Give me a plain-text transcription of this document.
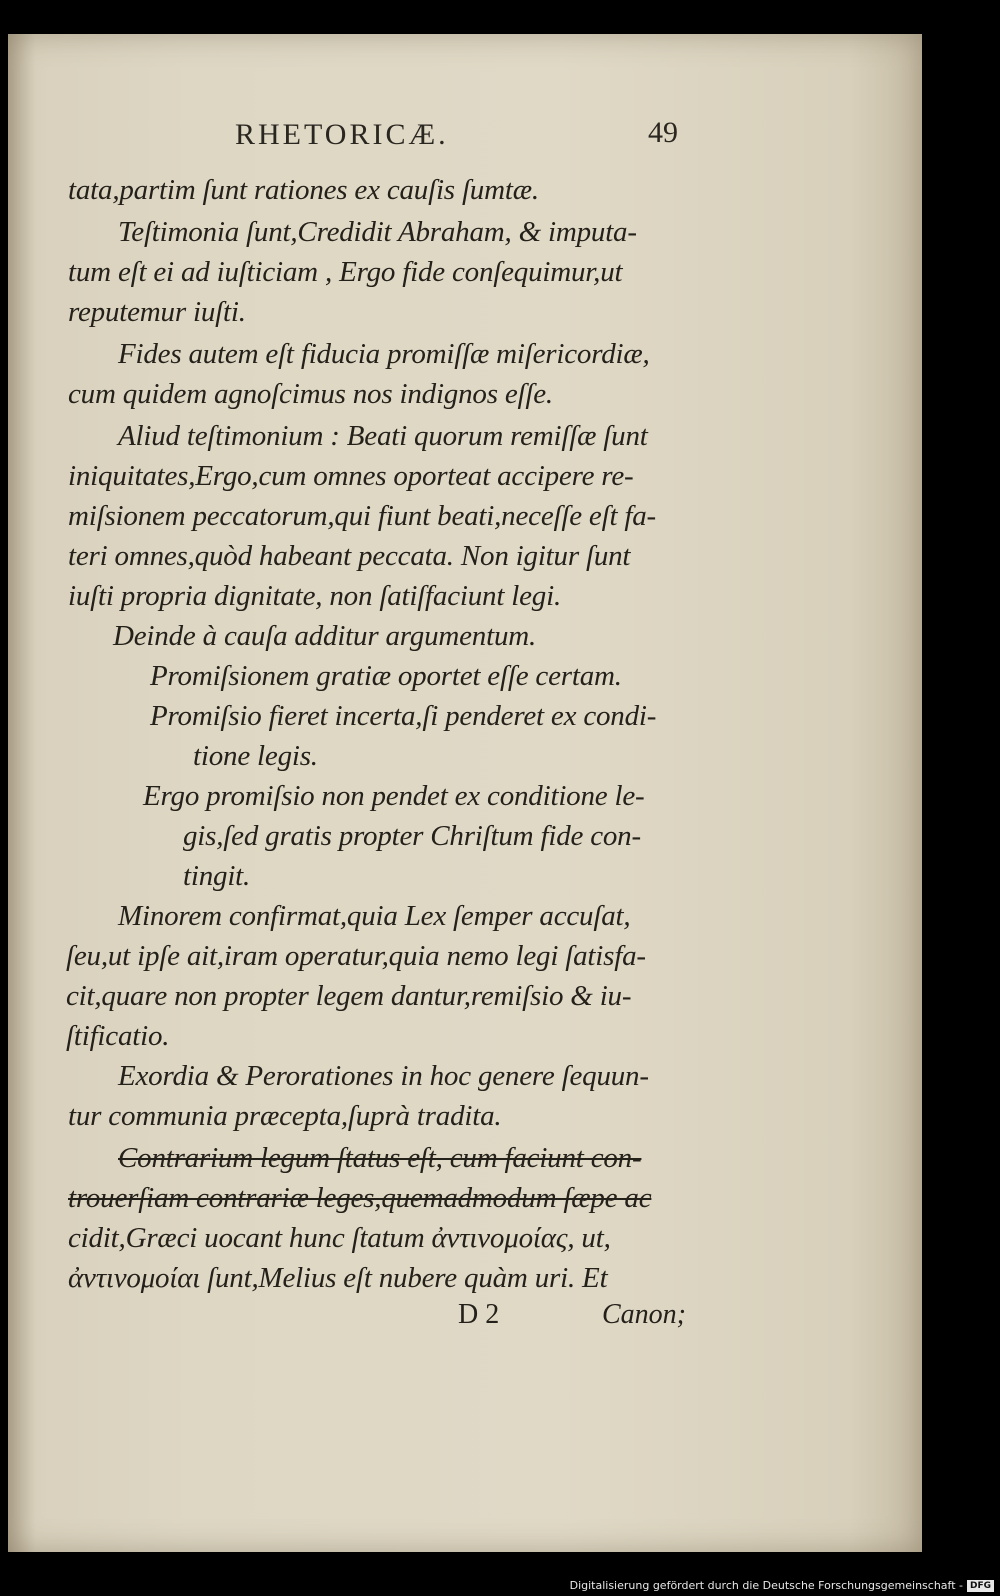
RHETORICÆ.	49
tata,partim ſunt rationes ex cauſis ſumtæ.
Teſtimonia ſunt,Credidit Abraham, & imputa-
tum eſt ei ad iuſticiam , Ergo fide conſequimur,ut
reputemur iuſti.
Fides autem eſt fiducia promiſſæ miſericordiæ,
cum quidem agnoſcimus nos indignos eſſe.
Aliud teſtimonium : Beati quorum remiſſæ ſunt
iniquitates,Ergo,cum omnes oporteat accipere re-
miſsionem peccatorum,qui fiunt beati,neceſſe eſt fa-
teri omnes,quòd habeant peccata. Non igitur ſunt
iuſti propria dignitate, non ſatiſfaciunt legi.
Deinde à cauſa additur argumentum.
Promiſsionem gratiæ oportet eſſe certam.
Promiſsio fieret incerta,ſi penderet ex condi-
tione legis.
Ergo promiſsio non pendet ex conditione le-
gis,ſed gratis propter Chriſtum fide con-
tingit.
Minorem confirmat,quia Lex ſemper accuſat,
ſeu,ut ipſe ait,iram operatur,quia nemo legi ſatisfa-
cit,quare non propter legem dantur,remiſsio & iu-
ſtificatio.
Exordia & Perorationes in hoc genere ſequun-
tur communia præcepta,ſuprà tradita.
Contrarium legum ſtatus eſt, cum faciunt con-
trouerſiam contrariæ leges,quemadmodum ſæpe ac
cidit,Græci uocant hunc ſtatum ἀντινομοίας, ut,
ἀντινομοίαι ſunt,Melius eſt nubere quàm uri. Et
D 2	Canon;
Digitalisierung gefördert durch die Deutsche Forschungsgemeinschaft - DFG
